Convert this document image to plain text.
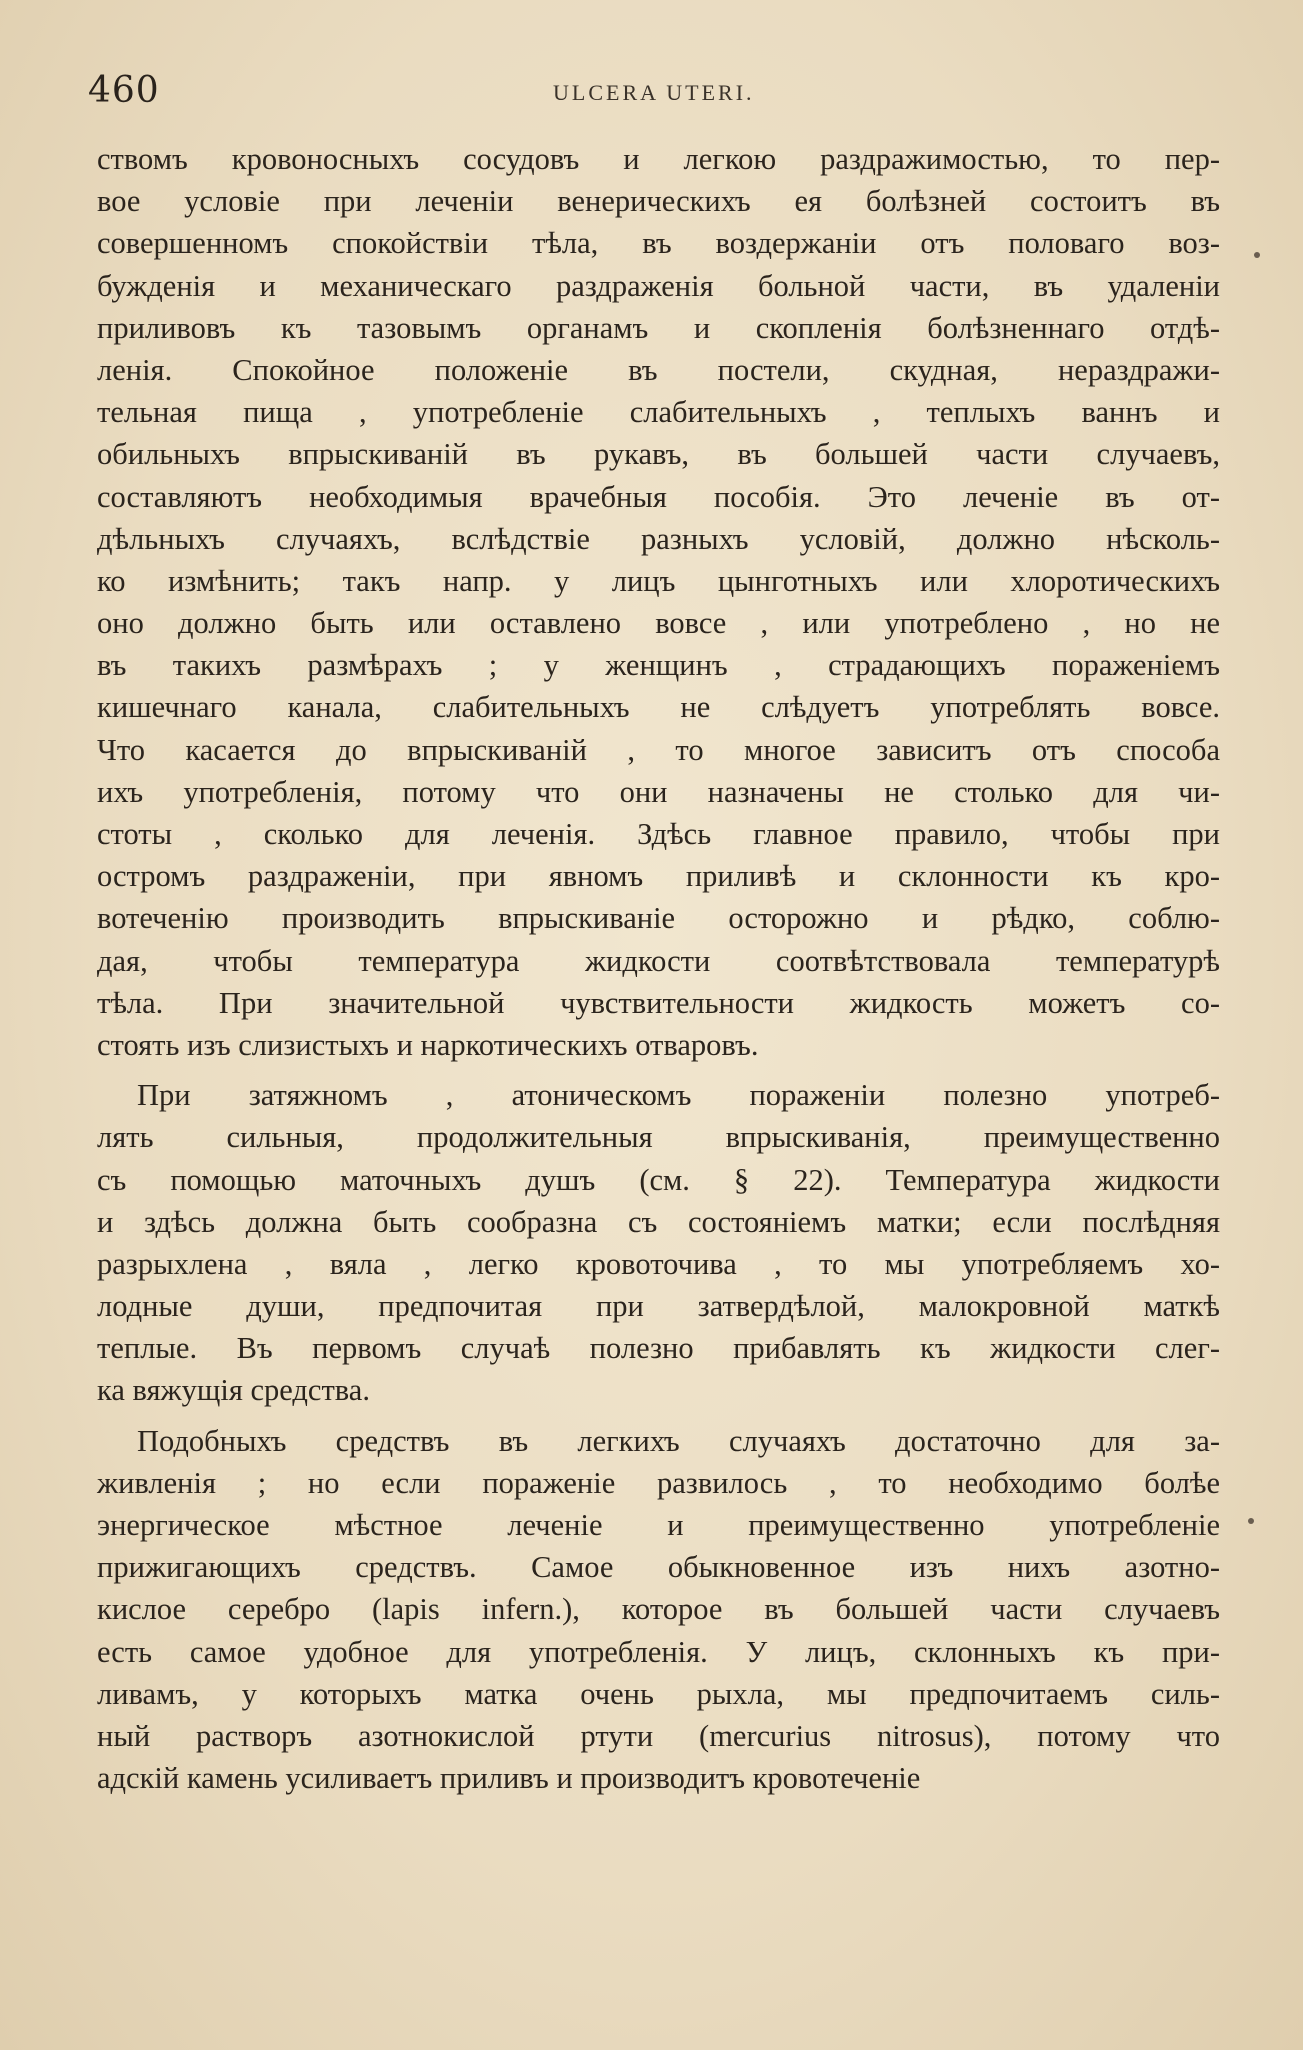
460	ULCERA UTERI.
ствомъ кровоносныхъ сосудовъ и легкою раздражимостью, то пер-
вое условіе при леченіи венерическихъ ея болѣзней состоитъ въ
совершенномъ спокойствіи тѣла, въ воздержаніи отъ половаго воз-
бужденія и механическаго раздраженія больной части, въ удаленіи
приливовъ къ тазовымъ органамъ и скопленія болѣзненнаго отдѣ-
ленія. Спокойное положеніе въ постели, скудная, нераздражи-
тельная пища , употребленіе слабительныхъ , теплыхъ ваннъ и
обильныхъ впрыскиваній въ рукавъ, въ большей части случаевъ,
составляютъ необходимыя врачебныя пособія. Это леченіе въ от-
дѣльныхъ случаяхъ, вслѣдствіе разныхъ условій, должно нѣсколь-
ко измѣнить; такъ напр. у лицъ цынготныхъ или хлоротическихъ
оно должно быть или оставлено вовсе , или употреблено , но не
въ такихъ размѣрахъ ; у женщинъ , страдающихъ пораженіемъ
кишечнаго канала, слабительныхъ не слѣдуетъ употреблять вовсе.
Что касается до впрыскиваній , то многое зависитъ отъ способа
ихъ употребленія, потому что они назначены не столько для чи-
стоты , сколько для леченія. Здѣсь главное правило, чтобы при
остромъ раздраженіи, при явномъ приливѣ и склонности къ кро-
вотеченію производить впрыскиваніе осторожно и рѣдко, соблю-
дая, чтобы температура жидкости соотвѣтствовала температурѣ
тѣла. При значительной чувствительности жидкость можетъ со-
стоять изъ слизистыхъ и наркотическихъ отваровъ.
При затяжномъ , атоническомъ пораженіи полезно употреб-
лять сильныя, продолжительныя впрыскиванія, преимущественно
съ помощью маточныхъ душъ (см. § 22). Температура жидкости
и здѣсь должна быть сообразна съ состояніемъ матки; если послѣдняя
разрыхлена , вяла , легко кровоточива , то мы употребляемъ хо-
лодные души, предпочитая при затвердѣлой, малокровной маткѣ
теплые. Въ первомъ случаѣ полезно прибавлять къ жидкости слег-
ка вяжущія средства.
Подобныхъ средствъ въ легкихъ случаяхъ достаточно для за-
живленія ; но если пораженіе развилось , то необходимо болѣе
энергическое мѣстное леченіе и преимущественно употребленіе
прижигающихъ средствъ. Самое обыкновенное изъ нихъ азотно-
кислое серебро (lapis infern.), которое въ большей части случаевъ
есть самое удобное для употребленія. У лицъ, склонныхъ къ при-
ливамъ, у которыхъ матка очень рыхла, мы предпочитаемъ силь-
ный растворъ азотнокислой ртути (mercurius nitrosus), потому что
адскій камень усиливаетъ приливъ и производитъ кровотеченіе
